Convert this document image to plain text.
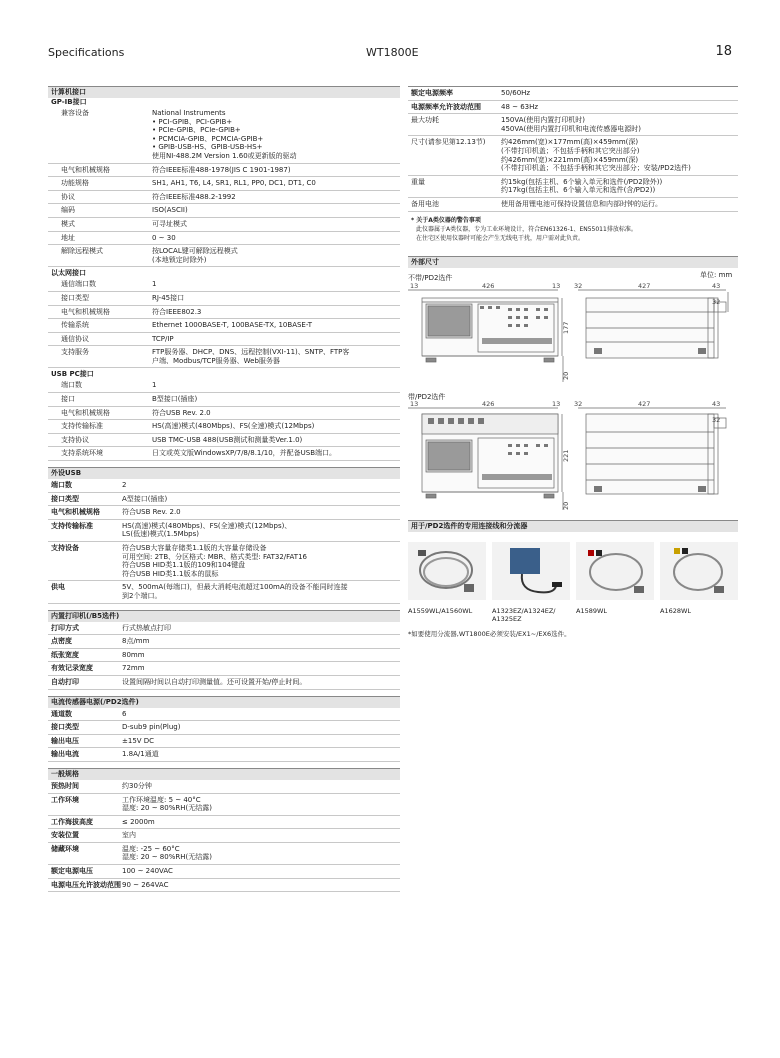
Specifications	WT1800E	18
计算机接口
GP-IB接口
兼容设备	National Instruments
• PCI-GPIB、PCI-GPIB+
• PCIe-GPIB、PCIe-GPIB+
• PCMCIA-GPIB、PCMCIA-GPIB+
• GPIB-USB-HS、GPIB-USB-HS+
使用NI-488.2M Version 1.60或更新版的驱动
电气和机械规格	符合IEEE标准488-1978(JIS C 1901-1987)
功能规格	SH1, AH1, T6, L4, SR1, RL1, PP0, DC1, DT1, C0
协议	符合IEEE标准488.2-1992
编码	ISO(ASCII)
模式	可寻址模式
地址	0 ~ 30
解除远程模式	按LOCAL键可解除远程模式
(本地锁定时除外)
以太网接口
通信端口数	1
接口类型	RJ-45接口
电气和机械规格	符合IEEE802.3
传输系统	Ethernet 1000BASE-T, 100BASE-TX, 10BASE-T
通信协议	TCP/IP
支持服务	FTP服务器、DHCP、DNS、远程控制(VXI-11)、SNTP、FTP客
户端、Modbus/TCP服务器、Web服务器
USB PC接口
端口数	1
接口	B型接口(插座)
电气和机械规格	符合USB Rev. 2.0
支持传输标准	HS(高速)模式(480Mbps)、FS(全速)模式(12Mbps)
支持协议	USB TMC-USB 488(USB测试和测量类Ver.1.0)
支持系统环境	日文或英文版WindowsXP/7/8/8.1/10，并配备USB端口。
外设USB
端口数	2
接口类型	A型接口(插座)
电气和机械规格	符合USB Rev. 2.0
支持传输标准	HS(高速)模式(480Mbps)、FS(全速)模式(12Mbps)、
LS(低速)模式(1.5Mbps)
支持设备	符合USB大容量存储类1.1版的大容量存储设备
可用空间: 2TB、分区格式: MBR、格式类型: FAT32/FAT16
符合USB HID类1.1版的109和104键盘
符合USB HID类1.1版本的鼠标
供电	5V、500mA(每端口)，但最大消耗电流超过100mA的设备不能同时连接
到2个端口。
内置打印机(/B5选件)
打印方式	行式热敏点打印
点密度	8点/mm
纸张宽度	80mm
有效记录宽度	72mm
自动打印	设置间隔时间以自动打印测量值。还可设置开始/停止时间。
电流传感器电源(/PD2选件)
通道数	6
接口类型	D-sub9 pin(Plug)
输出电压	±15V DC
输出电流	1.8A/1通道
一般规格
预热时间	约30分钟
工作环境	工作环境温度: 5 ~ 40°C
湿度: 20 ~ 80%RH(无结露)
工作海拔高度	≤ 2000m
安装位置	室内
储藏环境	温度: -25 ~ 60°C
湿度: 20 ~ 80%RH(无结露)
额定电源电压	100 ~ 240VAC
电源电压允许波动范围 90 ~ 264VAC
额定电源频率	50/60Hz
电源频率允许波动范围	48 ~ 63Hz
最大功耗	150VA(使用内置打印机时)
450VA(使用内置打印机和电流传感器电源时)
尺寸(请参见第12.13节)	约426mm(宽)×177mm(高)×459mm(深)
(不带打印机盖；不包括手柄和其它突出部分)
约426mm(宽)×221mm(高)×459mm(深)
(不带打印机盖；不包括手柄和其它突出部分；安装/PD2选件)
重量	约15kg(包括主机、6个输入单元和选件(/PD2除外))
约17kg(包括主机、6个输入单元和选件(含/PD2))
备用电池	使用备用锂电池可保持设置信息和内部时钟的运行。
* 关于A类仪器的警告事项
此仪器属于A类仪器，专为工业环境设计，符合EN61326-1、EN55011排放标准。
在住宅区使用仪器时可能会产生无线电干扰，用户需对此负责。
外部尺寸
不带/PD2选件	单位: mm
13	426	13 32	427	43
32
177
20
带/PD2选件
13	426	13 32	427	43
32
221
20
用于/PD2选件的专用连接线和分流器
A1559WL/A1560WL	A1323EZ/A1324EZ/
A1325EZ
A1589WL	A1628WL
*如要使用分流器,WT1800E必须安装/EX1~/EX6选件。
